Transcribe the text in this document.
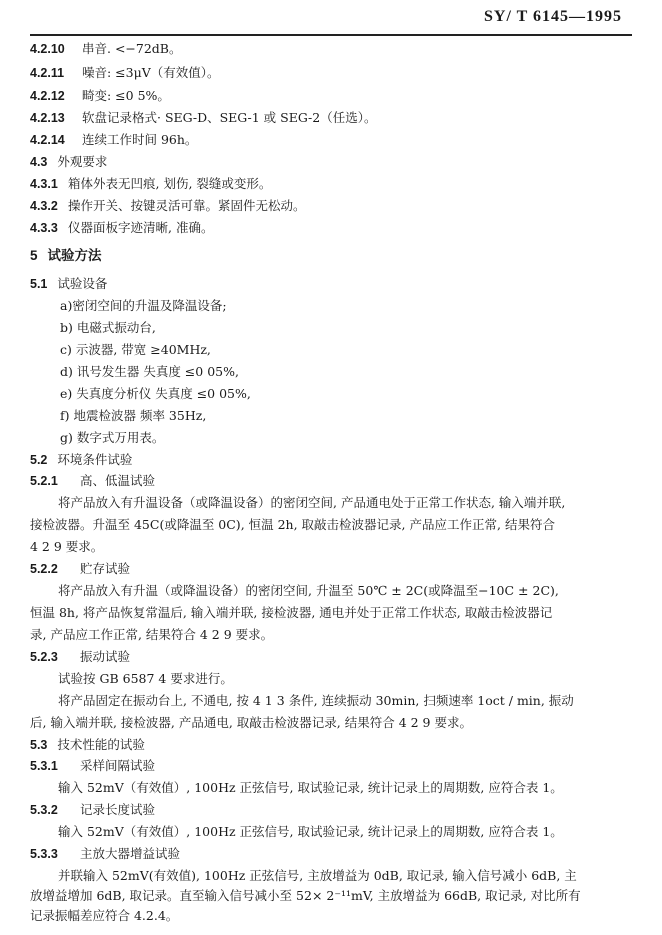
SY/ T 6145—1995
4.2.10 串音. <−72dB。
4.2.11 噪音: ≤3μV（有效值）。
4.2.12 畸变: ≤0 5%。
4.2.13 软盘记录格式· SEG-D、SEG-1 或 SEG-2（任选）。
4.2.14 连续工作时间 96h。
4.3 外观要求
4.3.1 箱体外表无凹痕, 划伤, 裂缝或变形。
4.3.2 操作开关、按键灵活可靠。紧固件无松动。
4.3.3 仪器面板字迹清晰, 准确。
5 试验方法
5.1 试验设备
a)密闭空间的升温及降温设备;
b) 电磁式振动台,
c) 示波器, 带宽 ≥40MHz,
d) 讯号发生器 失真度 ≤0 05%,
e) 失真度分析仪 失真度 ≤0 05%,
f) 地震检波器 频率 35Hz,
g) 数字式万用表。
5.2 环境条件试验
5.2.1 高、低温试验
将产品放入有升温设备（或降温设备）的密闭空间, 产品通电处于正常工作状态, 输入端并联,
接检波器。升温至 45C(或降温至 0C), 恒温 2h, 取敲击检波器记录, 产品应工作正常, 结果符合
4 2 9 要求。
5.2.2 贮存试验
将产品放入有升温（或降温设备）的密闭空间, 升温至 50℃ ± 2C(或降温至−10C ± 2C),
恒温 8h, 将产品恢复常温后, 输入端并联, 接检波器, 通电并处于正常工作状态, 取敲击检波器记
录, 产品应工作正常, 结果符合 4 2 9 要求。
5.2.3 振动试验
试验按 GB 6587 4 要求进行。
将产品固定在振动台上, 不通电, 按 4 1 3 条件, 连续振动 30min, 扫频速率 1oct / min, 振动
后, 输入端并联, 接检波器, 产品通电, 取敲击检波器记录, 结果符合 4 2 9 要求。
5.3 技术性能的试验
5.3.1 采样间隔试验
输入 52mV（有效值）, 100Hz 正弦信号, 取试验记录, 统计记录上的周期数, 应符合表 1。
5.3.2 记录长度试验
输入 52mV（有效值）, 100Hz 正弦信号, 取试验记录, 统计记录上的周期数, 应符合表 1。
5.3.3 主放大器增益试验
并联输入 52mV(有效值), 100Hz 正弦信号, 主放增益为 0dB, 取记录, 输入信号减小 6dB, 主
放增益增加 6dB, 取记录。直至输入信号减小至 52× 2⁻¹¹mV, 主放增益为 66dB, 取记录, 对比所有
记录振幅差应符合 4.2.4。
